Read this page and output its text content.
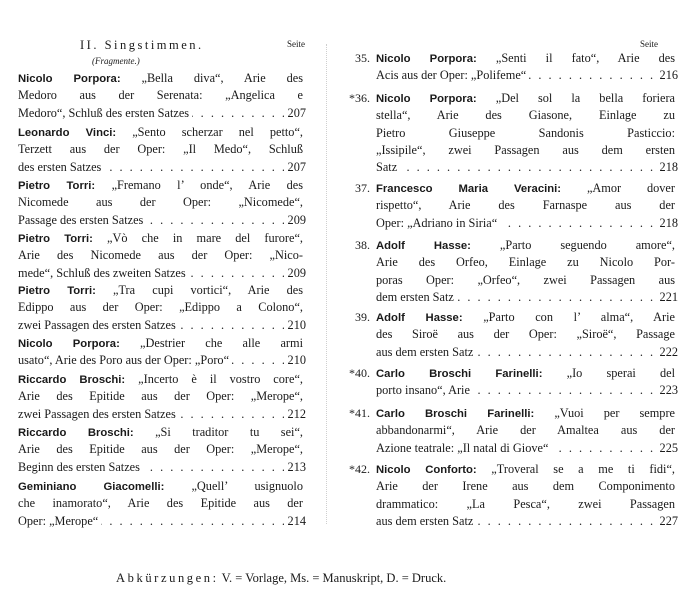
II. Singstimmen.
(Fragmente.)
Seite	Seite
Nicolo Porpora: „Bella diva“, Arie des
Medoro aus der Serenata: „Angelica e
Medoro“, Schluß des ersten Satzes	207
. . .
Leonardo Vinci: „Sento scherzar nel petto“,
Terzett aus der Oper: „Il Medo“, Schluß
des ersten Satzes	207
. . .
Pietro Torri: „Fremano l’ onde“, Arie des
Nicomede aus der Oper: „Nicomede“,
Passage des ersten Satzes	209
. . .
Pietro Torri: „Vò che in mare del furore“,
Arie des Nicomede aus der Oper: „Nico-
mede“, Schluß des zweiten Satzes	209
. . .
Pietro Torri: „Tra cupi vortici“, Arie des
Edippo aus der Oper: „Edippo a Colono“,
zwei Passagen des ersten Satzes	210
. . .
Nicolo Porpora: „Destrier che alle armi
usato“, Arie des Poro aus der Oper: „Poro“	210
. . .
Riccardo Broschi: „Incerto è il vostro core“,
Arie des Epitide aus der Oper: „Merope“,
zwei Passagen des ersten Satzes	212
. . .
Riccardo Broschi: „Si traditor tu sei“,
Arie des Epitide aus der Oper: „Merope“,
Beginn des ersten Satzes	213
. . .
Geminiano Giacomelli: „Quell’ usignuolo
che inamorato“, Arie des Epitide aus der
Oper: „Merope“	214
. . .
35. Nicolo Porpora: „Senti il fato“, Arie des
Acis aus der Oper: „Polifeme“	216
. . .
*36. Nicolo Porpora: „Del sol la bella foriera
stella“, Arie des Giasone, Einlage zu
Pietro Giuseppe Sandonis Pasticcio:
„Issipile“, zwei Passagen aus dem ersten
Satz	218
. . .
37. Francesco Maria Veracini: „Amor dover
rispetto“, Arie des Farnaspe aus der
Oper: „Adriano in Siria“	218
. . .
38. Adolf Hasse: „Parto seguendo amore“,
Arie des Orfeo, Einlage zu Nicolo Por-
poras Oper: „Orfeo“, zwei Passagen aus
dem ersten Satz	221
. . .
39. Adolf Hasse: „Parto con l’ alma“, Arie
des Siroë aus der Oper: „Siroë“, Passage
aus dem ersten Satz	222
. . .
*40. Carlo Broschi Farinelli: „Io sperai del
porto insano“, Arie	223
. . .
*41. Carlo Broschi Farinelli: „Vuoi per sempre
abbandonarmi“, Arie der Amaltea aus der
Azione teatrale: „Il natal di Giove“	225
. . .
*42. Nicolo Conforto: „Troveral se a me ti fidi“,
Arie der Irene aus dem Componimento
drammatico: „La Pesca“, zwei Passagen
aus dem ersten Satz	227
. . .
Abkürzungen: V. = Vorlage, Ms. = Manuskript, D. = Druck.
